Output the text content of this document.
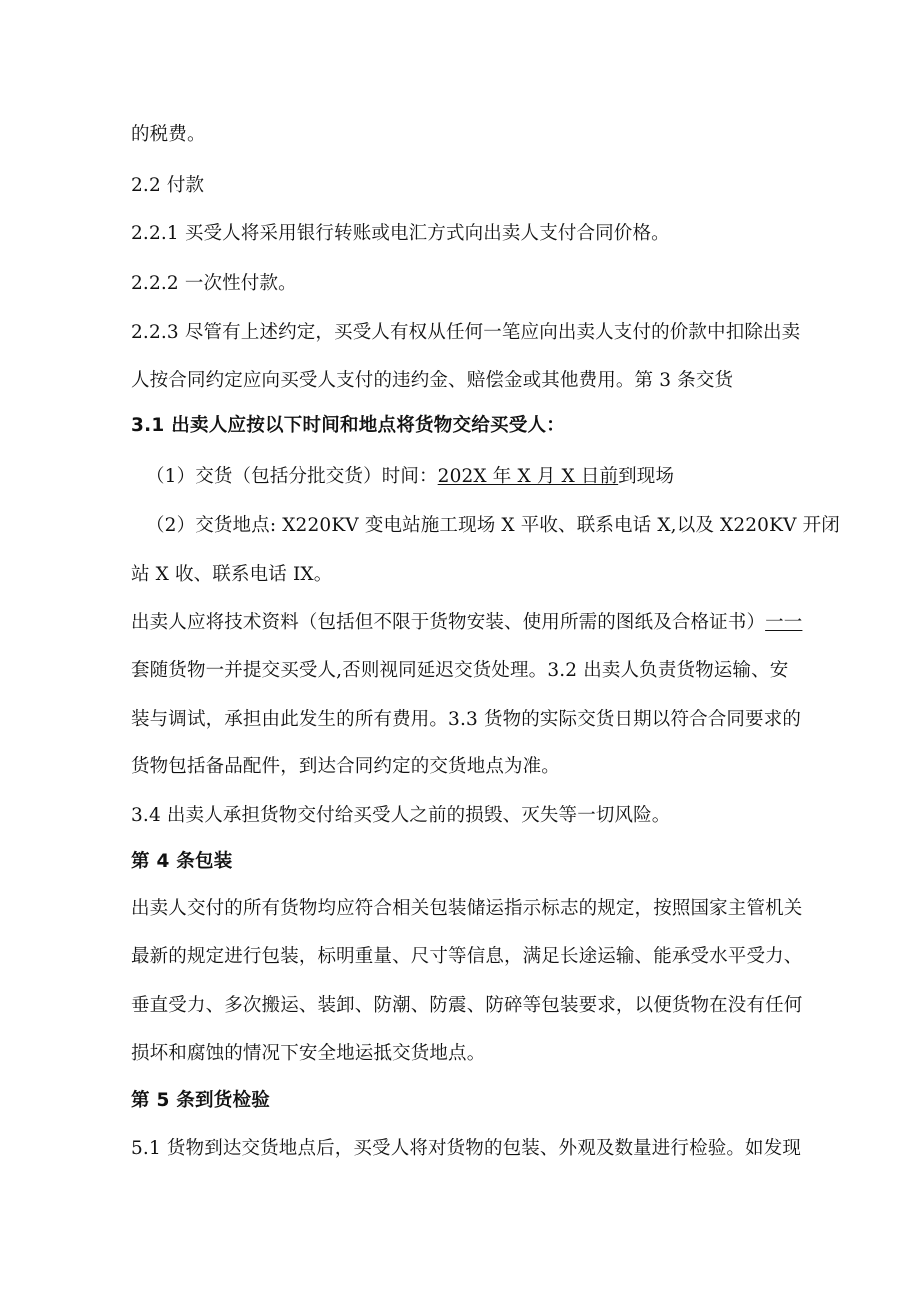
的税费。
2.2 付款
2.2.1 买受人将采用银行转账或电汇方式向出卖人支付合同价格。
2.2.2 一次性付款。
2.2.3 尽管有上述约定，买受人有权从任何一笔应向出卖人支付的价款中扣除出卖
人按合同约定应向买受人支付的违约金、赔偿金或其他费用。第 3 条交货
3.1 出卖人应按以下时间和地点将货物交给买受人：
（1）交货（包括分批交货）时间：202X 年 X 月 X 日前到现场
（2）交货地点: X220KV 变电站施工现场 X 平收、联系电话 X,以及 X220KV 开闭
站 X 收、联系电话 IX。
出卖人应将技术资料（包括但不限于货物安装、使用所需的图纸及合格证书）一一
套随货物一并提交买受人,否则视同延迟交货处理。3.2 出卖人负责货物运输、安
装与调试，承担由此发生的所有费用。3.3 货物的实际交货日期以符合合同要求的
货物包括备品配件，到达合同约定的交货地点为准。
3.4 出卖人承担货物交付给买受人之前的损毁、灭失等一切风险。
第 4 条包装
出卖人交付的所有货物均应符合相关包装储运指示标志的规定，按照国家主管机关
最新的规定进行包装，标明重量、尺寸等信息，满足长途运输、能承受水平受力、
垂直受力、多次搬运、装卸、防潮、防震、防碎等包装要求，以便货物在没有任何
损坏和腐蚀的情况下安全地运抵交货地点。
第 5 条到货检验
5.1 货物到达交货地点后，买受人将对货物的包装、外观及数量进行检验。如发现
